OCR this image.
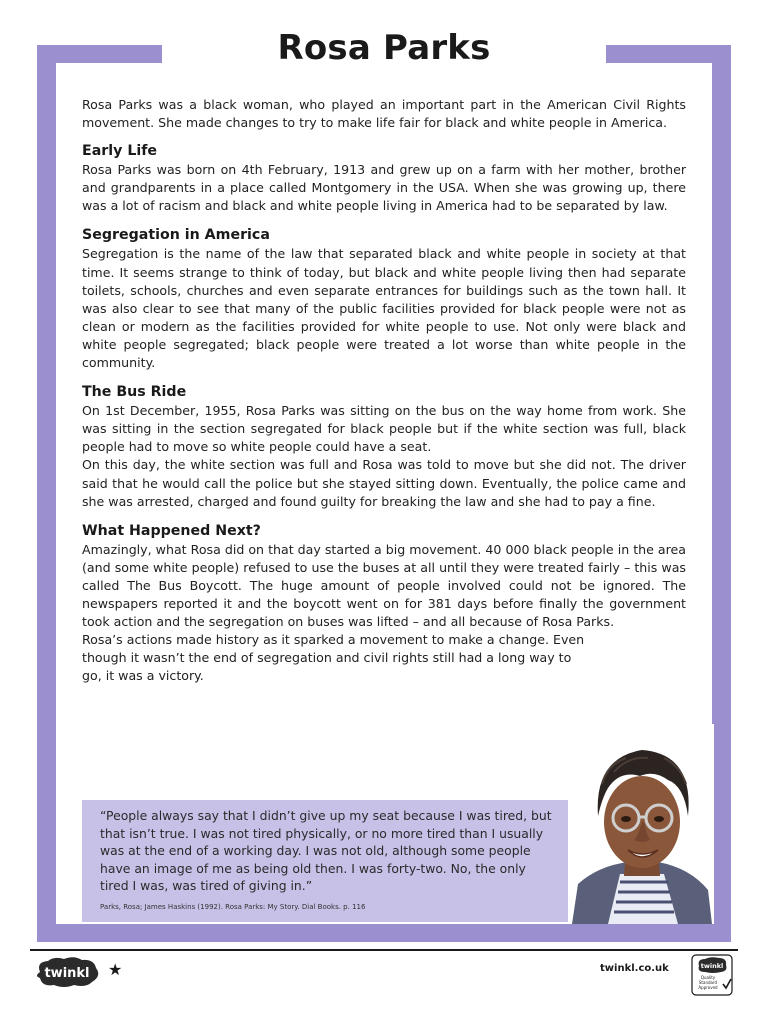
Rosa Parks

Rosa Parks was a black woman, who played an important part in the American Civil Rights movement. She made changes to try to make life fair for black and white people in America.

Early Life

Rosa Parks was born on 4th February, 1913 and grew up on a farm with her mother, brother and grandparents in a place called Montgomery in the USA. When she was growing up, there was a lot of racism and black and white people living in America had to be separated by law.

Segregation in America

Segregation is the name of the law that separated black and white people in society at that time. It seems strange to think of today, but black and white people living then had separate toilets, schools, churches and even separate entrances for buildings such as the town hall. It was also clear to see that many of the public facilities provided for black people were not as clean or modern as the facilities provided for white people to use. Not only were black and white people segregated; black people were treated a lot worse than white people in the community.

The Bus Ride

On 1st December, 1955, Rosa Parks was sitting on the bus on the way home from work. She was sitting in the section segregated for black people but if the white section was full, black people had to move so white people could have a seat.

On this day, the white section was full and Rosa was told to move but she did not. The driver said that he would call the police but she stayed sitting down. Eventually, the police came and she was arrested, charged and found guilty for breaking the law and she had to pay a fine.

What Happened Next?

Amazingly, what Rosa did on that day started a big movement. 40 000 black people in the area (and some white people) refused to use the buses at all until they were treated fairly – this was called The Bus Boycott. The huge amount of people involved could not be ignored. The newspapers reported it and the boycott went on for 381 days before finally the government took action and the segregation on buses was lifted – and all because of Rosa Parks.

Rosa’s actions made history as it sparked a movement to make a change. Even though it wasn’t the end of segregation and civil rights still had a long way to go, it was a victory.

“People always say that I didn’t give up my seat because I was tired, but that isn’t true. I was not tired physically, or no more tired than I usually was at the end of a working day. I was not old, although some people have an image of me as being old then. I was forty-two. No, the only tired I was, was tired of giving in.”

Parks, Rosa; James Haskins (1992). Rosa Parks: My Story. Dial Books. p. 116

twinkl ★	twinkl.co.uk	twinkl
Quality Standard Approved
